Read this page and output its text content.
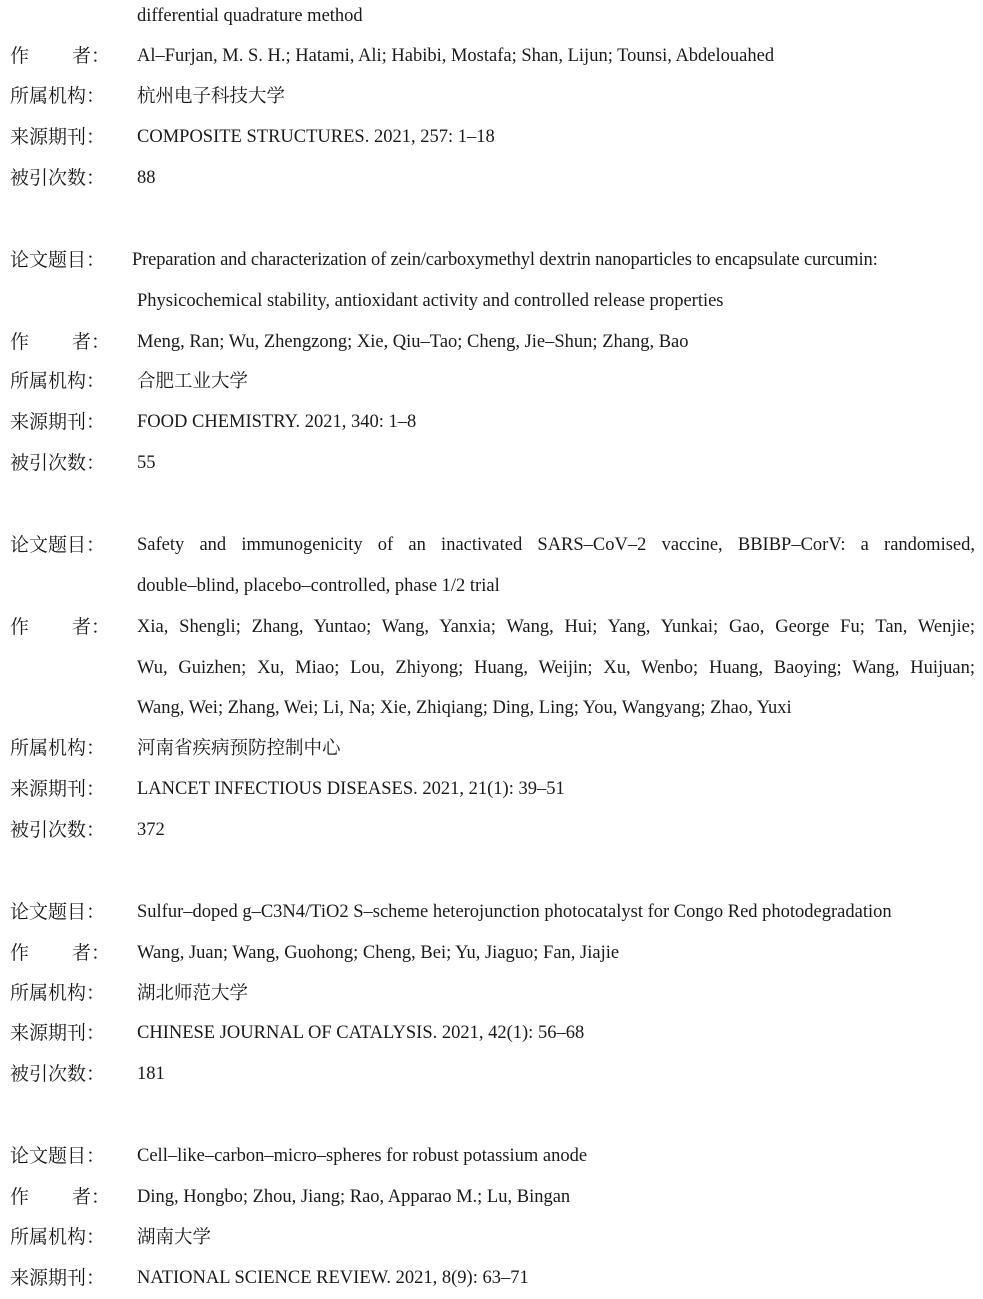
differential quadrature method
作 者：	Al–Furjan, M. S. H.; Hatami, Ali; Habibi, Mostafa; Shan, Lijun; Tounsi, Abdelouahed
所属机构：	杭州电子科技大学
来源期刊：	COMPOSITE STRUCTURES. 2021, 257: 1–18
被引次数：	88
论文题目：	Preparation and characterization of zein/carboxymethyl dextrin nanoparticles to encapsulate curcumin:
Physicochemical stability, antioxidant activity and controlled release properties
作 者：	Meng, Ran; Wu, Zhengzong; Xie, Qiu–Tao; Cheng, Jie–Shun; Zhang, Bao
所属机构：	合肥工业大学
来源期刊：	FOOD CHEMISTRY. 2021, 340: 1–8
被引次数：	55
论文题目：	Safety and immunogenicity of an inactivated SARS–CoV–2 vaccine, BBIBP–CorV: a randomised,
double–blind, placebo–controlled, phase 1/2 trial
作 者：	Xia, Shengli; Zhang, Yuntao; Wang, Yanxia; Wang, Hui; Yang, Yunkai; Gao, George Fu; Tan, Wenjie;
Wu, Guizhen; Xu, Miao; Lou, Zhiyong; Huang, Weijin; Xu, Wenbo; Huang, Baoying; Wang, Huijuan;
Wang, Wei; Zhang, Wei; Li, Na; Xie, Zhiqiang; Ding, Ling; You, Wangyang; Zhao, Yuxi
所属机构：	河南省疾病预防控制中心
来源期刊：	LANCET INFECTIOUS DISEASES. 2021, 21(1): 39–51
被引次数：	372
论文题目：	Sulfur–doped g–C3N4/TiO2 S–scheme heterojunction photocatalyst for Congo Red photodegradation
作 者：	Wang, Juan; Wang, Guohong; Cheng, Bei; Yu, Jiaguo; Fan, Jiajie
所属机构：	湖北师范大学
来源期刊：	CHINESE JOURNAL OF CATALYSIS. 2021, 42(1): 56–68
被引次数：	181
论文题目：	Cell–like–carbon–micro–spheres for robust potassium anode
作 者：	Ding, Hongbo; Zhou, Jiang; Rao, Apparao M.; Lu, Bingan
所属机构：	湖南大学
来源期刊：	NATIONAL SCIENCE REVIEW. 2021, 8(9): 63–71
